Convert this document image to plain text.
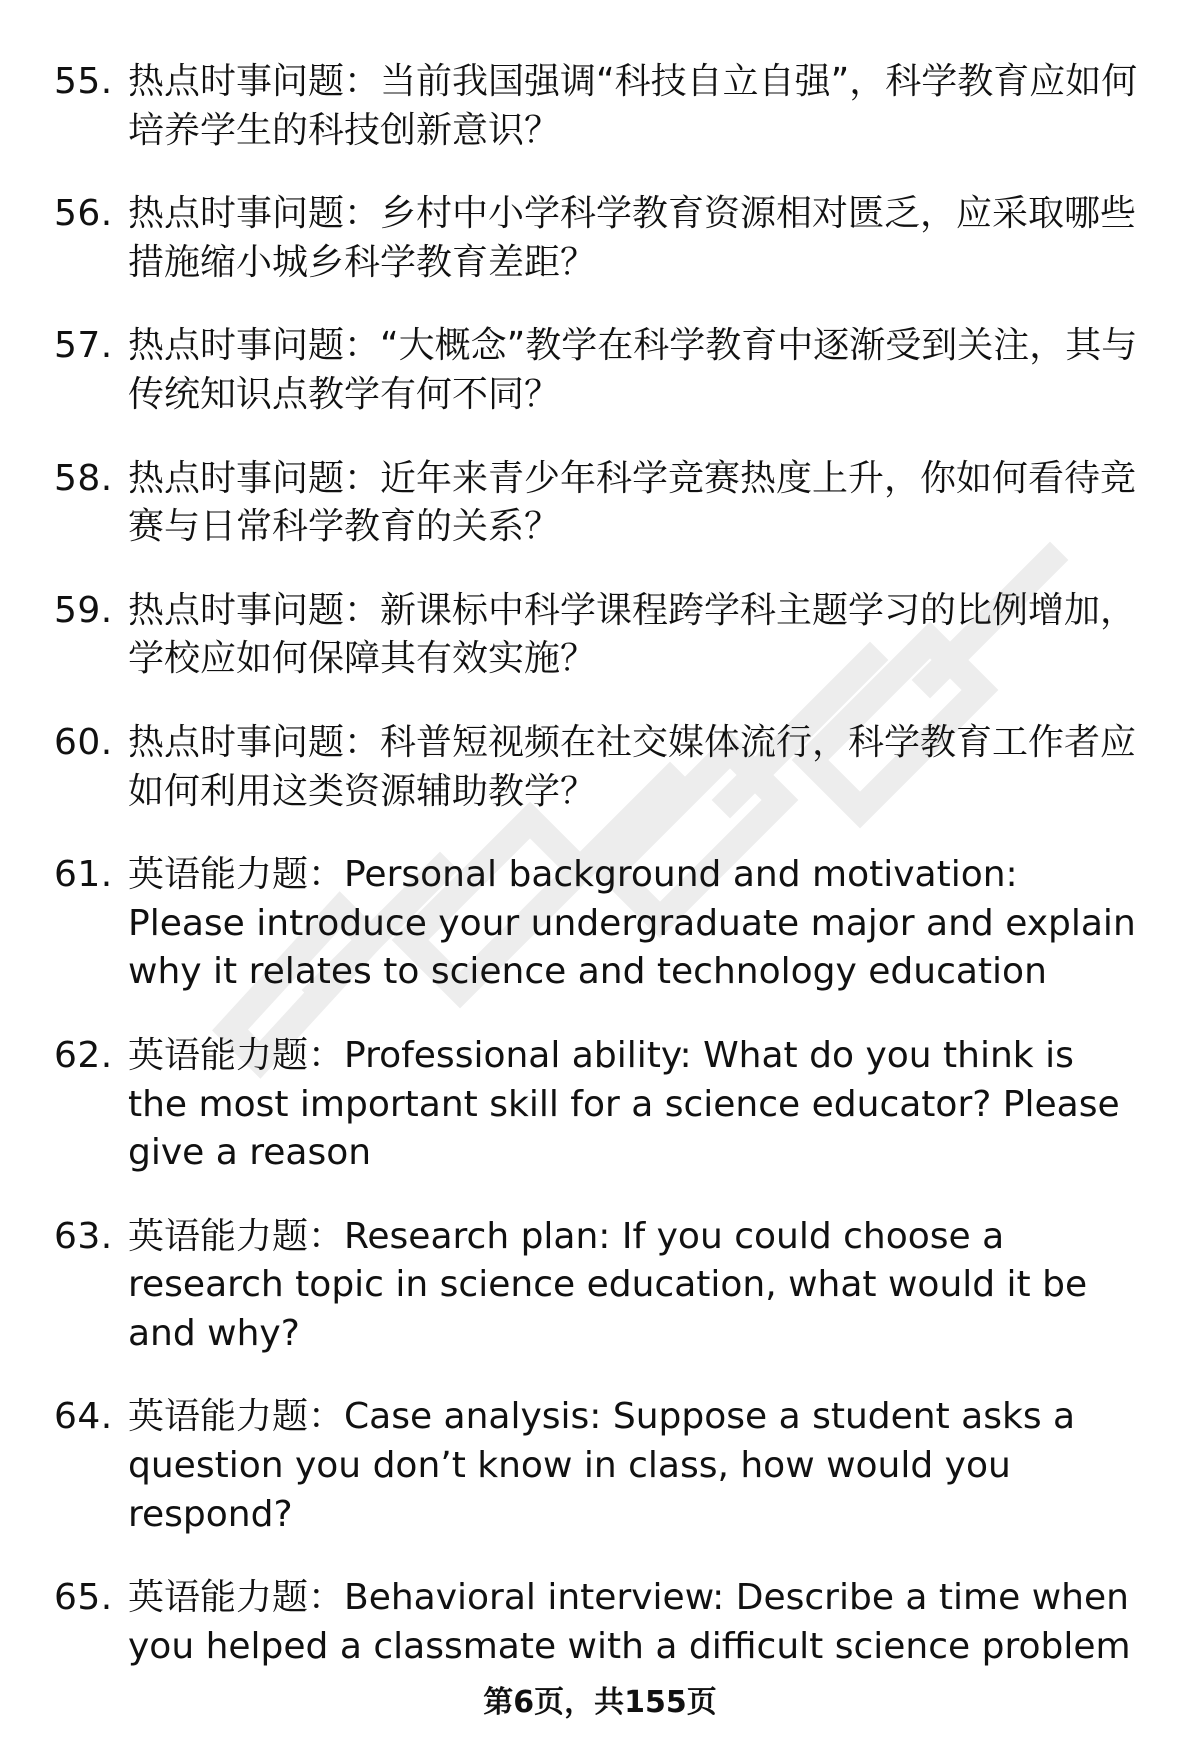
55. 热点时事问题：当前我国强调“科技自立自强”，科学教育应如何培养学生的科技创新意识？
56. 热点时事问题：乡村中小学科学教育资源相对匮乏，应采取哪些措施缩小城乡科学教育差距？
57. 热点时事问题：“大概念”教学在科学教育中逐渐受到关注，其与传统知识点教学有何不同？
58. 热点时事问题：近年来青少年科学竞赛热度上升，你如何看待竞赛与日常科学教育的关系？
59. 热点时事问题：新课标中科学课程跨学科主题学习的比例增加，学校应如何保障其有效实施？
60. 热点时事问题：科普短视频在社交媒体流行，科学教育工作者应如何利用这类资源辅助教学？
61. 英语能力题：Personal background and motivation: Please introduce your undergraduate major and explain why it relates to science and technology education
62. 英语能力题：Professional ability: What do you think is the most important skill for a science educator? Please give a reason
63. 英语能力题：Research plan: If you could choose a research topic in science education, what would it be and why?
64. 英语能力题：Case analysis: Suppose a student asks a question you don’t know in class, how would you respond?
65. 英语能力题：Behavioral interview: Describe a time when you helped a classmate with a difficult science problem
第6页，共155页
